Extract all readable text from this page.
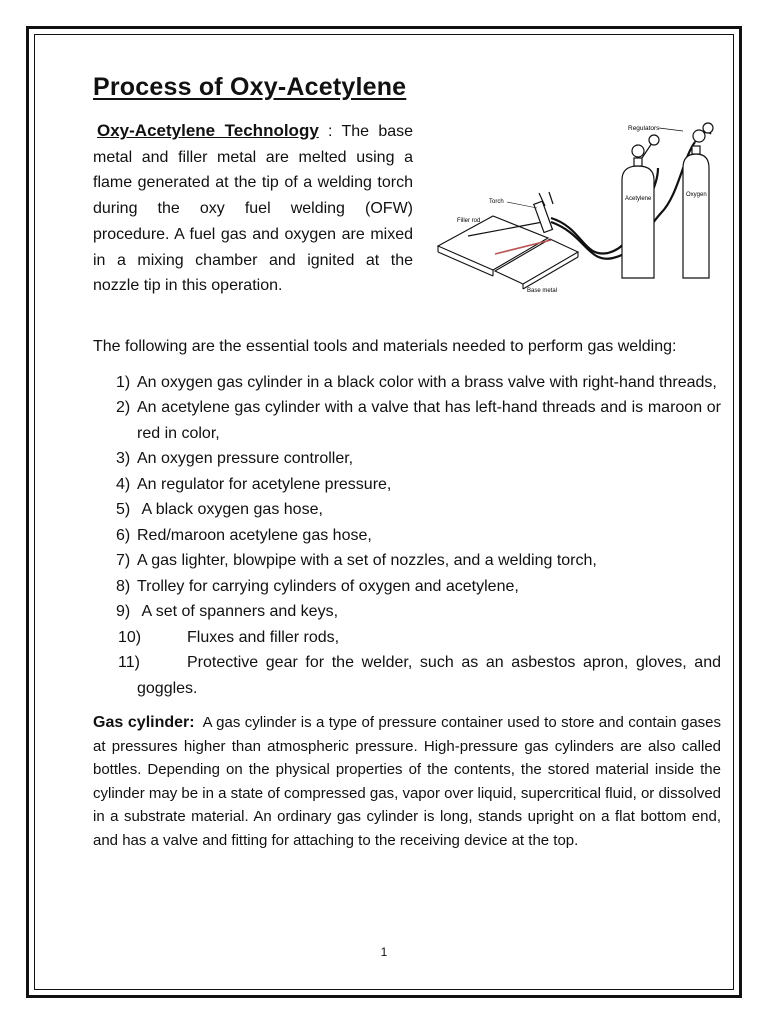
Process of Oxy-Acetylene

Oxy-Acetylene Technology : The base metal and filler metal are melted using a flame generated at the tip of a welding torch during the oxy fuel welding (OFW) procedure. A fuel gas and oxygen are mixed in a mixing chamber and ignited at the nozzle tip in this operation.

Regulators
Acetylene
Oxygen
Torch
Filler rod
Base metal

The following are the essential tools and materials needed to perform gas welding:

1) An oxygen gas cylinder in a black color with a brass valve with right-hand threads,
2) An acetylene gas cylinder with a valve that has left-hand threads and is maroon or red in color,
3) An oxygen pressure controller,
4) An regulator for acetylene pressure,
5) A black oxygen gas hose,
6) Red/maroon acetylene gas hose,
7) A gas lighter, blowpipe with a set of nozzles, and a welding torch,
8) Trolley for carrying cylinders of oxygen and acetylene,
9) A set of spanners and keys,
10)	Fluxes and filler rods,
11)	Protective gear for the welder, such as an asbestos apron, gloves, and goggles.

Gas cylinder: A gas cylinder is a type of pressure container used to store and contain gases at pressures higher than atmospheric pressure. High-pressure gas cylinders are also called bottles. Depending on the physical properties of the contents, the stored material inside the cylinder may be in a state of compressed gas, vapor over liquid, supercritical fluid, or dissolved in a substrate material. An ordinary gas cylinder is long, stands upright on a flat bottom end, and has a valve and fitting for attaching to the receiving device at the top.

1
